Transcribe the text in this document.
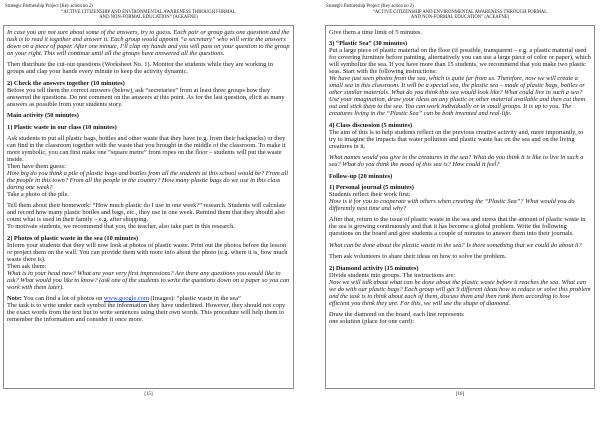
Strategic Partnership Project (Key action no 2)
“ACTIVE CITIZENSHIP AND ENVIRONMENTAL AWARENESS THROUGH FORMAL
AND NON-FORMAL EDUCATION” (ACEAFNE)

In case you are not sure about some of the answers, try to guess. Each pair or group gets one question and the task is to read it together and answer it. Each group would appoint “a secretary” who will write the answers down on a piece of paper. After one minute, I’ll clap my hands and you will pass on your question to the group on your right. This will continue until all the groups have answered all the questions.

Then distribute the cut-out questions (Worksheet No. 1). Monitor the students while they are working in groups and clap your hands every minute to keep the activity dynamic.

2) Check the answers together (10 minutes)

Before you tell them the correct answers (below), ask “secretaries” from at least three groups how they answered the questions. Do not comment on the answers at this point. As for the last question, elicit as many answers as possible from your students story.

Main activity (50 minutes)

1) Plastic waste in our class (10 minutes)

Ask students to put all plastic bags, bottles and other waste that they have (e.g. from their backpacks) or they can find in the classroom together with the waste that you brought in the middle of the classroom. To make it more symbolic, you can first make one “square metre” from ropes on the floor – students will put the waste inside.

Then have them guess:

How big do you think a pile of plastic bags and bottles from all the students at this school would be? From all the people in this town? From all the people in the country? How many plastic bags do we use in this class during one week?

Take a photo of the pile.

Tell them about their homework: “How much plastic do I use in one week?” research. Students will calculate and record how many plastic bottles and bags, etc., they use in one week. Remind them that they should also count what is used in their family – e.g. after shopping.

To motivate students, we recommend that you, the teacher, also take part in this research.

2) Photos of plastic waste in the sea (10 minutes)

Inform your students that they will now look at photos of plastic waste. Print out the photos before the lesson or project them on the wall. You can provide them with more info about the photo (e.g. where it is, how much waste there is).

Then ask them:

What is in your head now? What are your very first impressions? Are there any questions you would like to ask? What would you like to know? (ask one of the students to write the questions down on a paper so you can work with them later).

Note: You can find a lot of photos on www.google.com (Images): “plastic waste in the sea”

The task is to write under each symbol the information they have underlined. However, they should not copy the exact words from the text but to write sentences using their own words. This procedure will help them to remember the information and consider it once more.

[15]
Strategic Partnership Project (Key action no 2)
“ACTIVE CITIZENSHIP AND ENVIRONMENTAL AWARENESS THROUGH FORMAL
AND NON-FORMAL EDUCATION” (ACEAFNE)

Give them a time limit of 5 minutes.

3) “Plastic Sea” (30 minutes)

Put a large piece of plastic material on the floor (if possible, transparent – e.g. a plastic material used for covering furniture before painting, alternatively you can use a large piece of color or paper), which will symbolize the sea. If you have more than 15 students, we recommend that you make two plastic seas. Start with the following instructions:

We have just seen photos from the sea, which is quite far from us. Therefore, now we will create a small sea in this classroom. It will be a special sea, the plastic sea – made of plastic bags, bottles or other similar materials. What do you think this sea would look like? What could live in such a sea? Use your imagination, draw your ideas on any plastic or other material available and then cut them out and stick them to the sea. You can work individually or in small groups. It is up to you. The creatures living in the “Plastic Sea” can be both invented and real-life.

4) Class discussion (5 minutes)

The aim of this is to help students reflect on the previous creative activity and, more importantly, to try to imagine the impacts that water pollution and plastic waste has on the sea and on the living creatures in it.

What names would you give to the creatures in the sea? What do you think it is like to live in such a sea? What do you think the mood of this sea is? How could it feel?

Follow-up (20 minutes)

1) Personal journal (5 minutes)

Students reflect their work first:

How is it for you to cooperate with others when creating the “Plastic Sea”? What would you do differently next time and why?

After that, return to the issue of plastic waste in the sea and stress that the amount of plastic waste in the sea is growing continuously and that it has become a global problem. Write the following questions on the board and give students a couple of minutes to answer them into their journals.

What can be done about the plastic waste in the sea? Is there something that we could do about it?

Then ask volunteers to share their ideas on how to solve the problem.

2) Diamond activity (15 minutes)

Divide students into groups. The instructions are:

Now we will talk about what can be done about the plastic waste before it reaches the sea. What can we do with our plastic bags? Each group will get 9 different ideas how to reduce or solve this problem and the task is to think about each of them, discuss them and then rank them according to how efficient you think they are. For this, we will use the shape of diamond.

Draw the diamond on the board, each line represents
one solution (place for one card):

[16]
